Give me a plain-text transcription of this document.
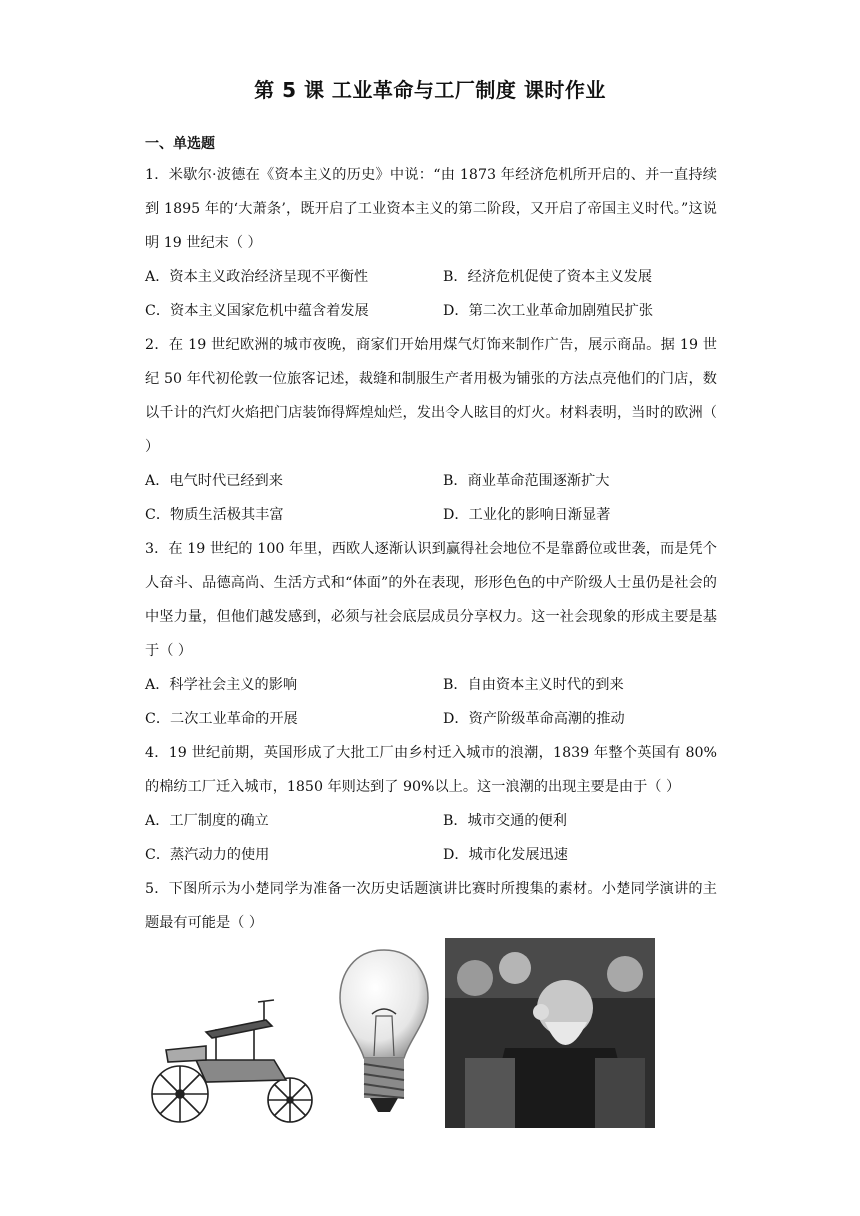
第 5 课 工业革命与工厂制度 课时作业
一、单选题
1．米歇尔·波德在《资本主义的历史》中说：“由 1873 年经济危机所开启的、并一直持续到 1895 年的‘大萧条’，既开启了工业资本主义的第二阶段，又开启了帝国主义时代。”这说明 19 世纪末（ ）
A．资本主义政治经济呈现不平衡性	B．经济危机促使了资本主义发展
C．资本主义国家危机中蕴含着发展	D．第二次工业革命加剧殖民扩张
2．在 19 世纪欧洲的城市夜晚，商家们开始用煤气灯饰来制作广告，展示商品。据 19 世纪 50 年代初伦敦一位旅客记述，裁缝和制服生产者用极为铺张的方法点亮他们的门店，数以千计的汽灯火焰把门店装饰得辉煌灿烂，发出令人眩目的灯火。材料表明，当时的欧洲（ ）
A．电气时代已经到来	B．商业革命范围逐渐扩大
C．物质生活极其丰富	D．工业化的影响日渐显著
3．在 19 世纪的 100 年里，西欧人逐渐认识到赢得社会地位不是靠爵位或世袭，而是凭个人奋斗、品德高尚、生活方式和“体面”的外在表现，形形色色的中产阶级人士虽仍是社会的中坚力量，但他们越发感到，必须与社会底层成员分享权力。这一社会现象的形成主要是基于（ ）
A．科学社会主义的影响	B．自由资本主义时代的到来
C．二次工业革命的开展	D．资产阶级革命高潮的推动
4．19 世纪前期，英国形成了大批工厂由乡村迁入城市的浪潮，1839 年整个英国有 80%的棉纺工厂迁入城市，1850 年则达到了 90%以上。这一浪潮的出现主要是由于（ ）
A．工厂制度的确立	B．城市交通的便利
C．蒸汽动力的使用	D．城市化发展迅速
5．下图所示为小楚同学为准备一次历史话题演讲比赛时所搜集的素材。小楚同学演讲的主题最有可能是（ ）
